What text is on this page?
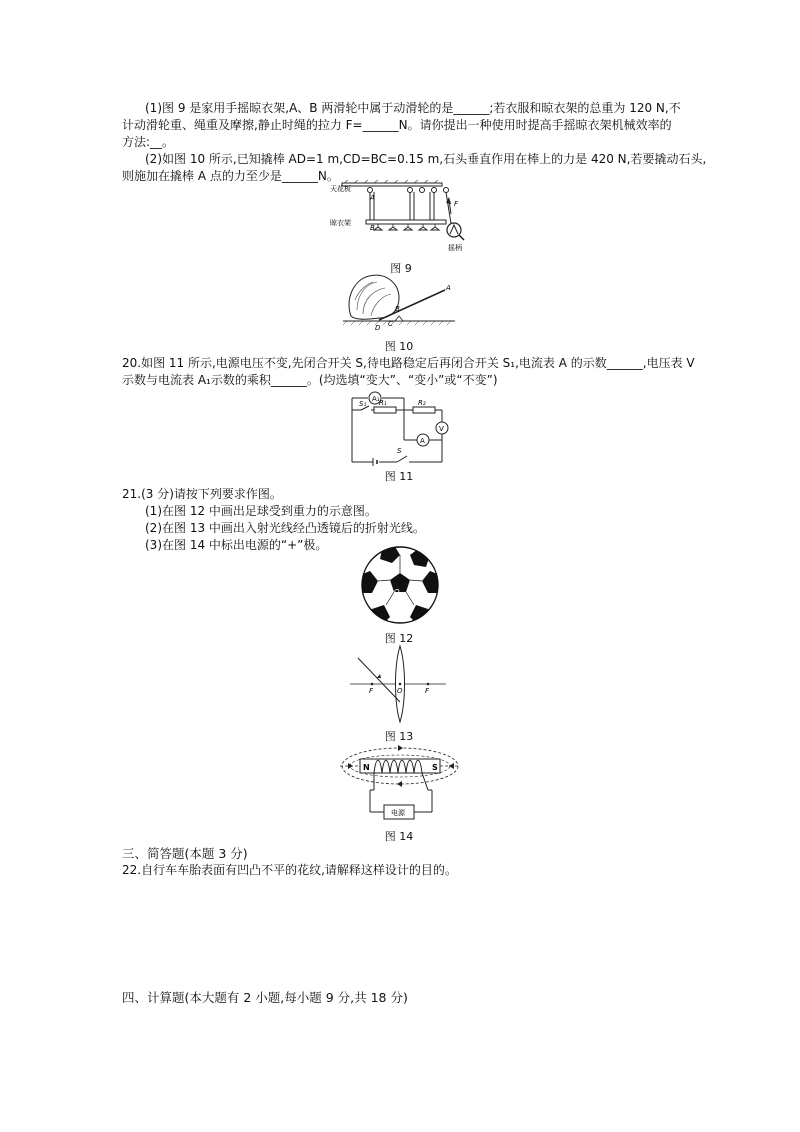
(1)图 9 是家用手摇晾衣架,A、B 两滑轮中属于动滑轮的是______;若衣服和晾衣架的总重为 120 N,不
计动滑轮重、绳重及摩擦,静止时绳的拉力 F=______N。请你提出一种使用时提高手摇晾衣架机械效率的
方法:__。
(2)如图 10 所示,已知撬棒 AD=1 m,CD=BC=0.15 m,石头垂直作用在棒上的力是 420 N,若要撬动石头,
则施加在撬棒 A 点的力至少是______N。
天花板
晾衣架
摇柄
A
B
F
图 9
A
B
C
D
图 10
20.如图 11 所示,电源电压不变,先闭合开关 S,待电路稳定后再闭合开关 S₁,电流表 A 的示数______,电压表 V
示数与电流表 A₁示数的乘积______。(均选填“变大”、“变小”或“不变”)
A₁
A
V
S₁ R₁	R₂
S
图 11
21.(3 分)请按下列要求作图。
(1)在图 12 中画出足球受到重力的示意图。
(2)在图 13 中画出入射光线经凸透镜后的折射光线。
(3)在图 14 中标出电源的“+”极。
O
图 12
F	O	F
图 13
N	S
电源
图 14
三、简答题(本题 3 分)
22.自行车车胎表面有凹凸不平的花纹,请解释这样设计的目的。
四、计算题(本大题有 2 小题,每小题 9 分,共 18 分)
